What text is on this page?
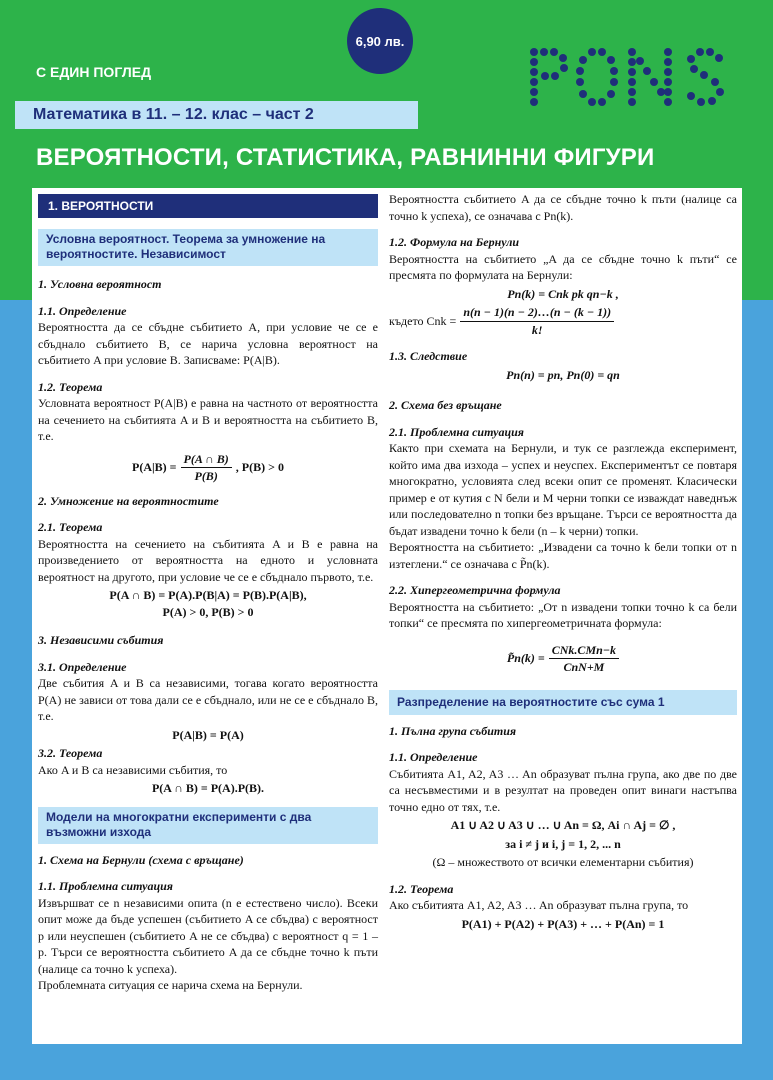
6,90 лв.
С ЕДИН ПОГЛЕД
Математика в 11. – 12. клас – част 2
ВЕРОЯТНОСТИ, СТАТИСТИКА, РАВНИННИ ФИГУРИ
1. ВЕРОЯТНОСТИ
Условна вероятност. Теорема за умножение на вероятностите. Независимост
1. Условна вероятност
1.1. Определение

Вероятността да се сбъдне събитието A, при условие че се е сбъднало събитието B, се нарича условна вероятност на събитието A при условие B. Записваме: P(A|B).

1.2. Теорема

Условната вероятност P(A|B) е равна на частното от вероятността на сечението на събитията A и B и вероятността на събитието B, т.е.

$P(A|B) = \frac{P(A \cap B)}{P(B)}$ , P(B) > 0
2. Умножение на вероятностите
2.1. Теорема

Вероятността на сечението на събитията A и B е равна на произведението от вероятността на едното и условната вероятност на другото, при условие че се е сбъднало първото, т.е.

P(A ∩ B) = P(A).P(B|A) = P(B).P(A|B),
P(A) > 0, P(B) > 0
3. Независими събития
3.1. Определение

Две събития A и B са независими, тогава когато вероятността P(A) не зависи от това дали се е сбъднало, или не се е сбъднало B, т.е.

P(A|B) = P(A)
3.2. Теорема

Ако A и B са независими събития, то

P(A ∩ B) = P(A).P(B).
Модели на многократни експерименти с два възможни изхода
1. Схема на Бернули (схема с връщане)
1.1. Проблемна ситуация

Извършват се n независими опита (n е естествено число). Всеки опит може да бъде успешен (събитието A се сбъдва) с вероятност p или неуспешен (събитието A не се сбъдва) с вероятност q = 1 – p. Търси се вероятността събитието A да се сбъдне точно k пъти (налице са точно k успеха).

Проблемната ситуация се нарича схема на Бернули.

Вероятността събитието A да се сбъдне точно k пъти (налице са точно k успеха), се означава с Pn(k).

1.2. Формула на Бернули

Вероятността на събитието „A да се сбъдне точно k пъти“ се пресмята по формулата на Бернули:

Pn(k) = Cnk pk qn−k ,
където Cnk = $\frac{n(n - 1)(n - 2)\dots(n - (k - 1))}{k!}$
1.3. Следствие
Pn(n) = pn, Pn(0) = qn
2. Схема без връщане
2.1. Проблемна ситуация

Както при схемата на Бернули, и тук се разглежда експеримент, който има два изхода – успех и неуспех. Експериментът се повтаря многократно, условията след всеки опит се променят. Класически пример е от кутия с N бели и M черни топки се изваждат наведнъж или последователно n топки без връщане. Търси се вероятността да бъдат извадени точно k бели (n – k черни) топки.

Вероятността на събитието: „Извадени са точно k бели топки от n изтеглени.“ се означава с P̃n(k).

2.2. Хипергеометрична формула

Вероятността на събитието: „От n извадени топки точно k са бели топки“ се пресмята по хипергеометричната формула:

P̃n(k) = $\frac{\text{CNk.CMn−k}}{\text{CnN+M}}$
Разпределение на вероятностите със сума 1
1. Пълна група събития
1.1. Определение

Събитията A1, A2, A3 … An образуват пълна група, ако две по две са несъвместими и в резултат на проведен опит винаги настъпва точно едно от тях, т.е.

A1 ∪ A2 ∪ A3 ∪ … ∪ An = Ω, Ai ∩ Aj = ∅ ,
за i ≠ j и i, j = 1, 2, ... n
(Ω – множеството от всички елементарни събития)
1.2. Теорема

Ако събитията A1, A2, A3 … An образуват пълна група, то

P(A1) + P(A2) + P(A3) + … + P(An) = 1
